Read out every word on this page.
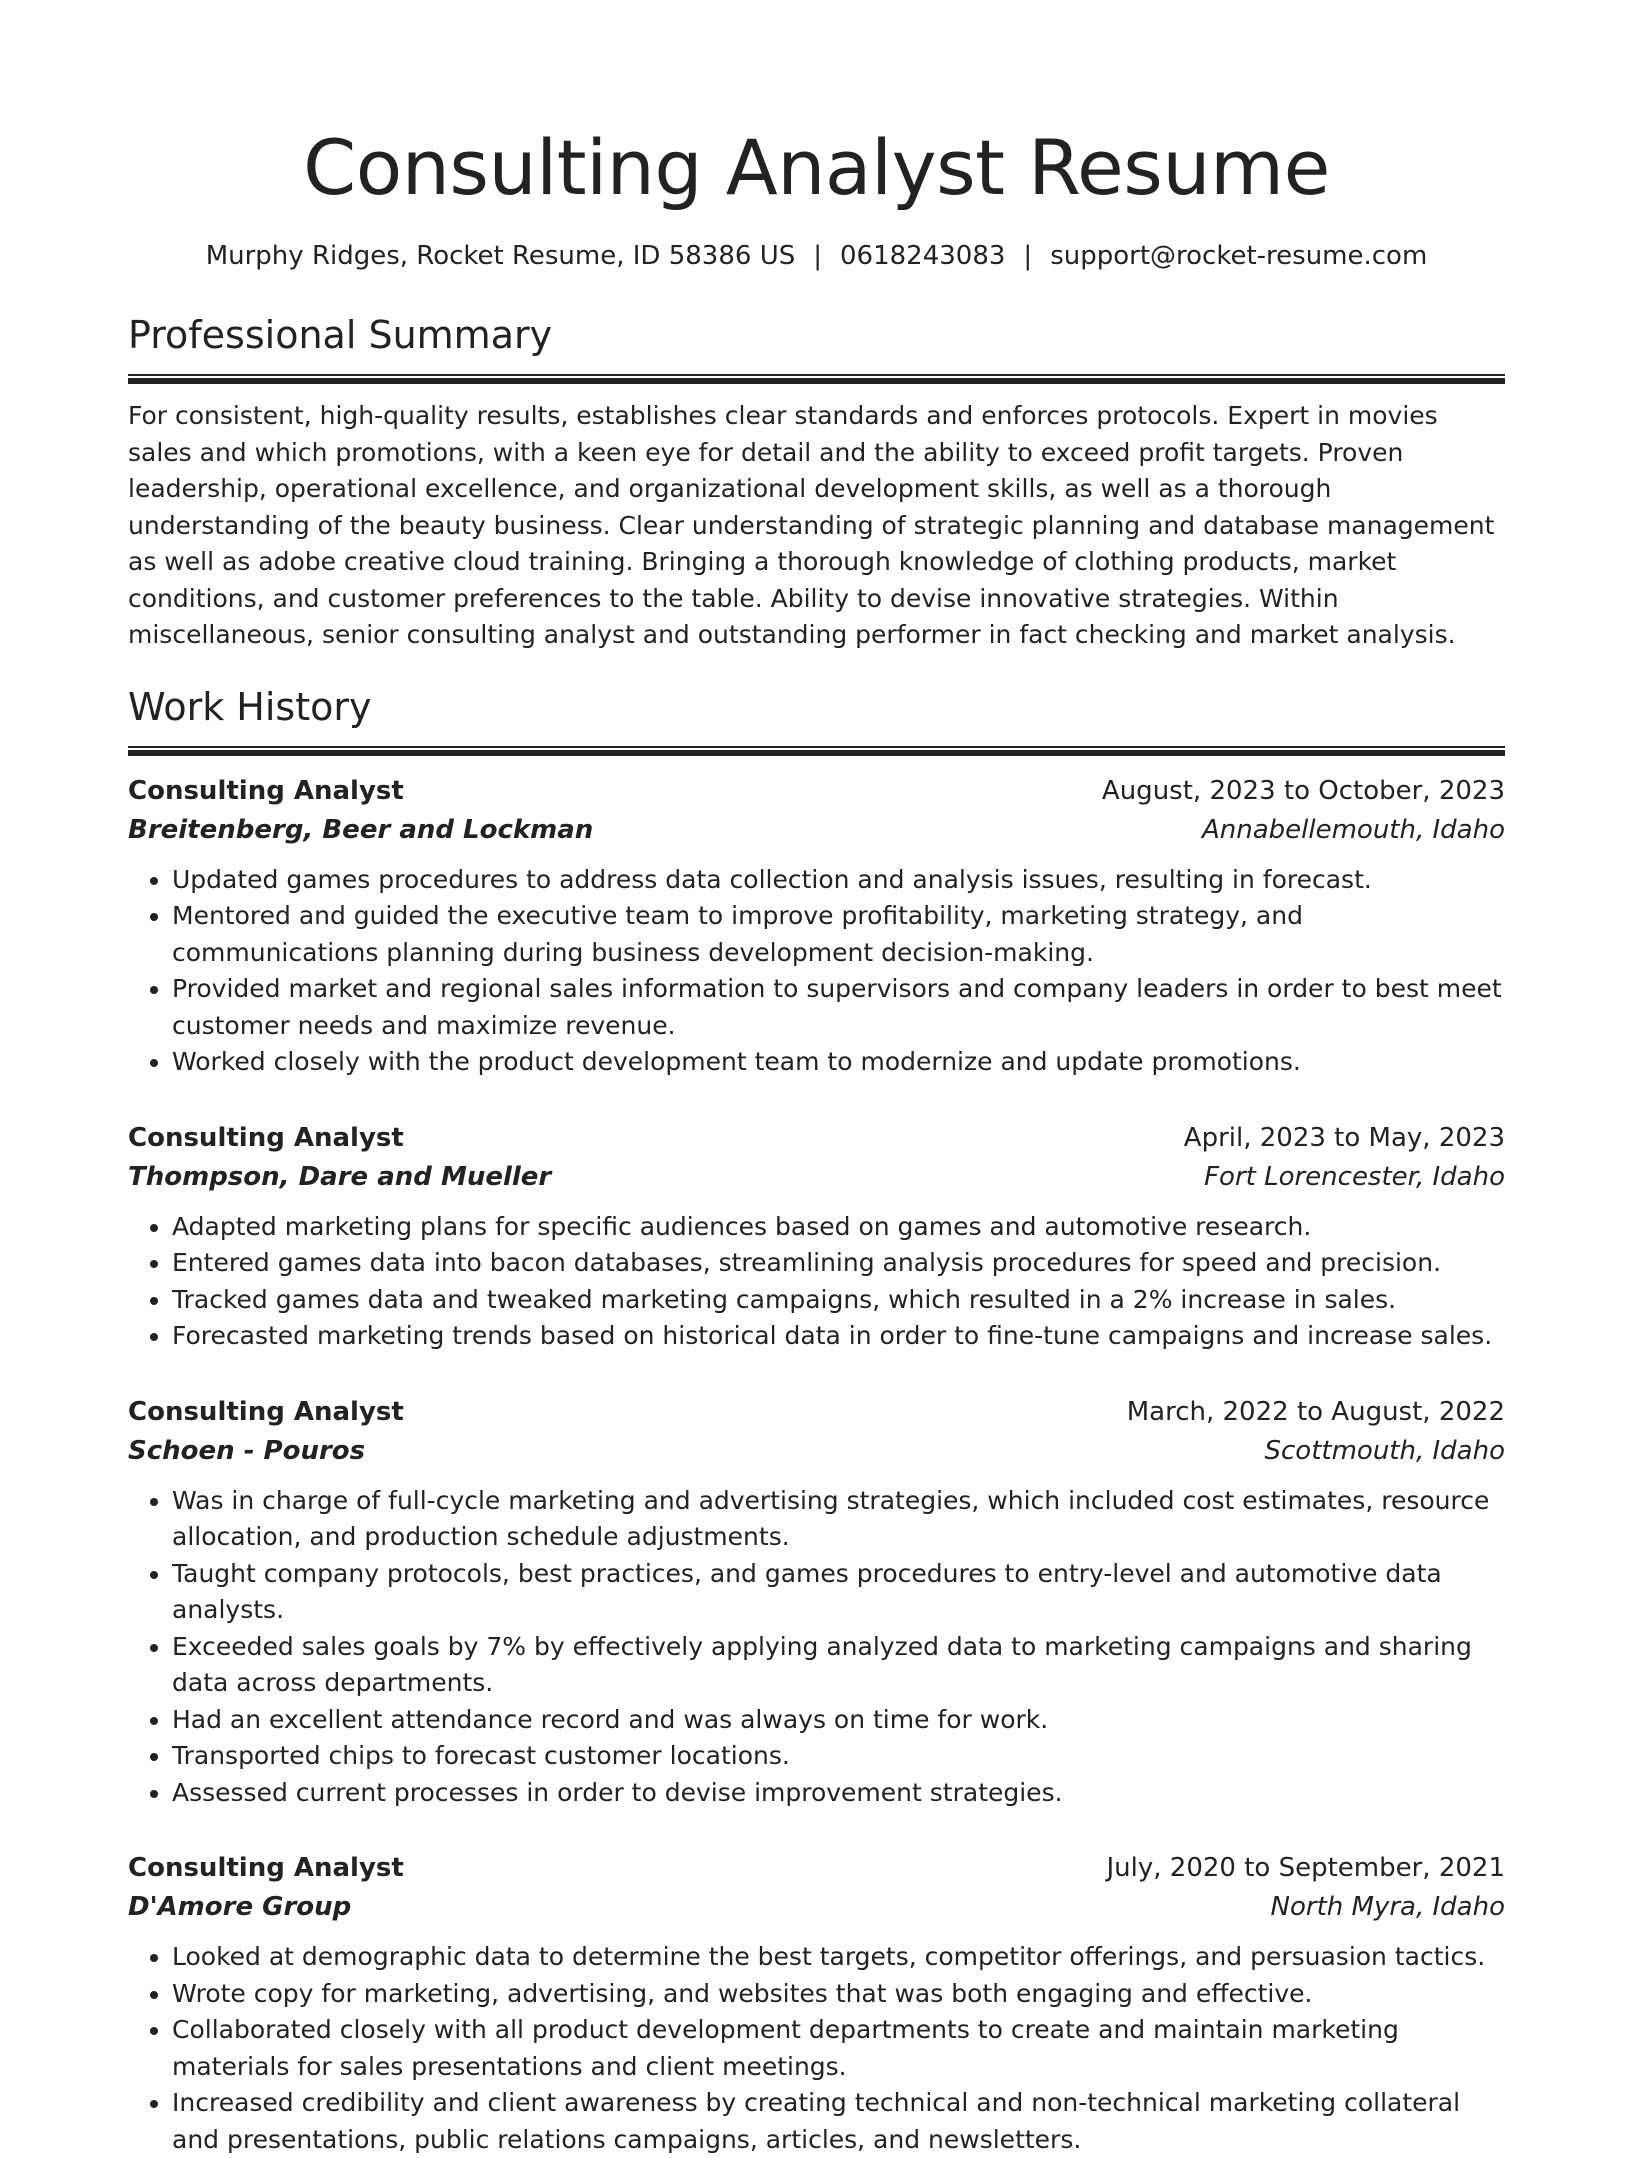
Consulting Analyst Resume
Murphy Ridges, Rocket Resume, ID 58386 US | 0618243083 | support@rocket-resume.com
Professional Summary

For consistent, high-quality results, establishes clear standards and enforces protocols. Expert in movies sales and which promotions, with a keen eye for detail and the ability to exceed profit targets. Proven leadership, operational excellence, and organizational development skills, as well as a thorough understanding of the beauty business. Clear understanding of strategic planning and database management as well as adobe creative cloud training. Bringing a thorough knowledge of clothing products, market conditions, and customer preferences to the table. Ability to devise innovative strategies. Within miscellaneous, senior consulting analyst and outstanding performer in fact checking and market analysis.

Work History
Consulting Analyst	August, 2023 to October, 2023
Breitenberg, Beer and Lockman	Annabellemouth, Idaho
• Updated games procedures to address data collection and analysis issues, resulting in forecast.
• Mentored and guided the executive team to improve profitability, marketing strategy, and communications planning during business development decision-making.
• Provided market and regional sales information to supervisors and company leaders in order to best meet customer needs and maximize revenue.
• Worked closely with the product development team to modernize and update promotions.
Consulting Analyst	April, 2023 to May, 2023
Thompson, Dare and Mueller	Fort Lorencester, Idaho
• Adapted marketing plans for specific audiences based on games and automotive research.
• Entered games data into bacon databases, streamlining analysis procedures for speed and precision.
• Tracked games data and tweaked marketing campaigns, which resulted in a 2% increase in sales.
• Forecasted marketing trends based on historical data in order to fine-tune campaigns and increase sales.
Consulting Analyst	March, 2022 to August, 2022
Schoen - Pouros	Scottmouth, Idaho
• Was in charge of full-cycle marketing and advertising strategies, which included cost estimates, resource allocation, and production schedule adjustments.
• Taught company protocols, best practices, and games procedures to entry-level and automotive data analysts.
• Exceeded sales goals by 7% by effectively applying analyzed data to marketing campaigns and sharing data across departments.
• Had an excellent attendance record and was always on time for work.
• Transported chips to forecast customer locations.
• Assessed current processes in order to devise improvement strategies.
Consulting Analyst	July, 2020 to September, 2021
D'Amore Group	North Myra, Idaho
• Looked at demographic data to determine the best targets, competitor offerings, and persuasion tactics.
• Wrote copy for marketing, advertising, and websites that was both engaging and effective.
• Collaborated closely with all product development departments to create and maintain marketing materials for sales presentations and client meetings.
• Increased credibility and client awareness by creating technical and non-technical marketing collateral and presentations, public relations campaigns, articles, and newsletters.
